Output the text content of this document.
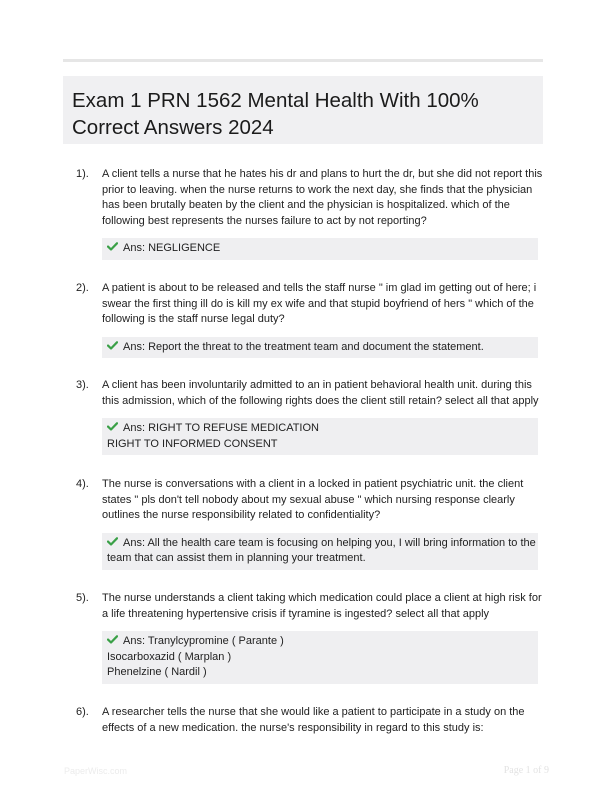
Exam 1 PRN 1562 Mental Health With 100%
Correct Answers 2024
1). A client tells a nurse that he hates his dr and plans to hurt the dr, but she did not report this
prior to leaving. when the nurse returns to work the next day, she finds that the physician
has been brutally beaten by the client and the physician is hospitalized. which of the
following best represents the nurses failure to act by not reporting?
Ans: NEGLIGENCE
2). A patient is about to be released and tells the staff nurse " im glad im getting out of here; i
swear the first thing ill do is kill my ex wife and that stupid boyfriend of hers " which of the
following is the staff nurse legal duty?
Ans: Report the threat to the treatment team and document the statement.
3). A client has been involuntarily admitted to an in patient behavioral health unit. during this
this admission, which of the following rights does the client still retain? select all that apply
Ans: RIGHT TO REFUSE MEDICATION
RIGHT TO INFORMED CONSENT
4). The nurse is conversations with a client in a locked in patient psychiatric unit. the client
states " pls don't tell nobody about my sexual abuse " which nursing response clearly
outlines the nurse responsibility related to confidentiality?
Ans: All the health care team is focusing on helping you, I will bring information to the
team that can assist them in planning your treatment.
5). The nurse understands a client taking which medication could place a client at high risk for
a life threatening hypertensive crisis if tyramine is ingested? select all that apply
Ans: Tranylcypromine ( Parante )
Isocarboxazid ( Marplan )
Phenelzine ( Nardil )
6). A researcher tells the nurse that she would like a patient to participate in a study on the
effects of a new medication. the nurse's responsibility in regard to this study is:
PaperWisc.com	Page 1 of 9
